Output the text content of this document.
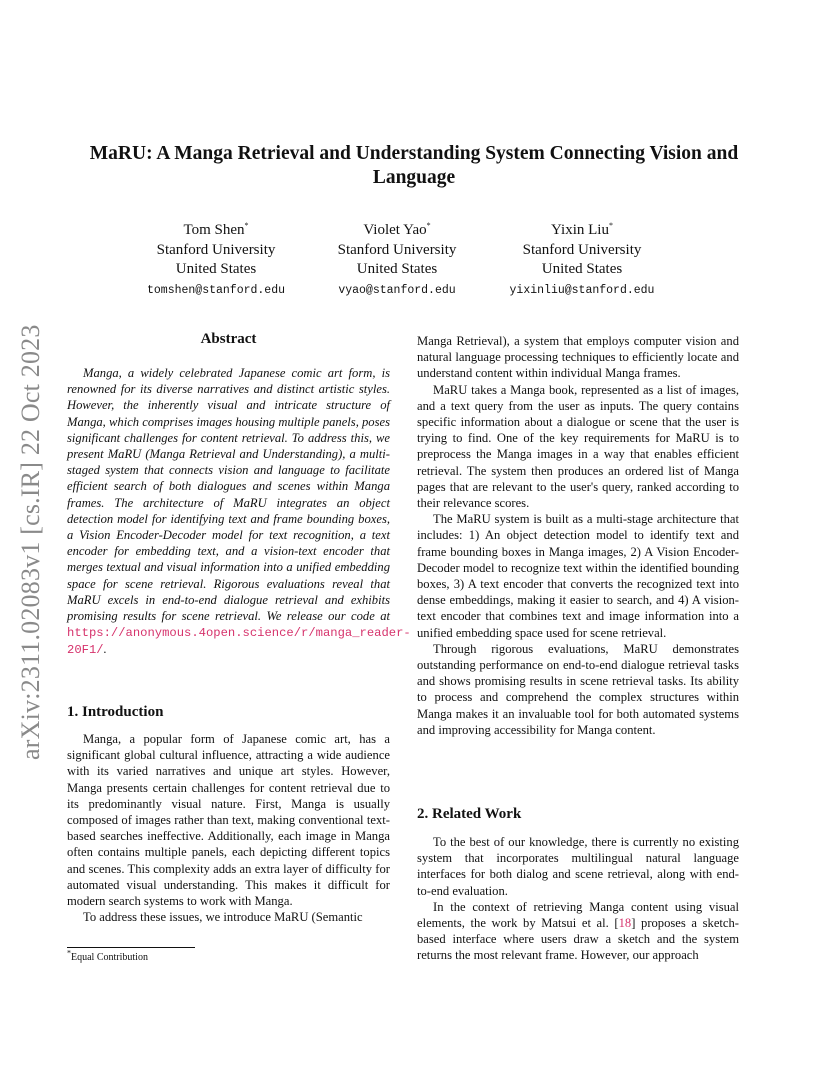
MaRU: A Manga Retrieval and Understanding System Connecting Vision and
Language
Tom Shen*
Stanford University
United States
tomshen@stanford.edu
Violet Yao*
Stanford University
United States
vyao@stanford.edu
Yixin Liu*
Stanford University
United States
yixinliu@stanford.edu
arXiv:2311.02083v1 [cs.IR] 22 Oct 2023	Abstract

Manga, a widely celebrated Japanese comic art form, is renowned for its diverse narratives and distinct artistic styles. However, the inherently visual and intricate structure of Manga, which comprises images housing multiple panels, poses significant challenges for content retrieval. To address this, we present MaRU (Manga Retrieval and Understanding), a multi-staged system that connects vision and language to facilitate efficient search of both dialogues and scenes within Manga frames. The architecture of MaRU integrates an object detection model for identifying text and frame bounding boxes, a Vision Encoder-Decoder model for text recognition, a text encoder for embedding text, and a vision-text encoder that merges textual and visual information into a unified embedding space for scene retrieval. Rigorous evaluations reveal that MaRU excels in end-to-end dialogue retrieval and exhibits promising results for scene retrieval. We release our code at https://anonymous.4open.science/r/manga_reader-20F1/.

1. Introduction

Manga, a popular form of Japanese comic art, has a significant global cultural influence, attracting a wide audience with its varied narratives and unique art styles. However, Manga presents certain challenges for content retrieval due to its predominantly visual nature. First, Manga is usually composed of images rather than text, making conventional text-based searches ineffective. Additionally, each image in Manga often contains multiple panels, each depicting different topics and scenes. This complexity adds an extra layer of difficulty for automated visual understanding. This makes it difficult for modern search systems to work with Manga.

To address these issues, we introduce MaRU (Semantic

*Equal Contribution

Manga Retrieval), a system that employs computer vision and natural language processing techniques to efficiently locate and understand content within individual Manga frames.

MaRU takes a Manga book, represented as a list of images, and a text query from the user as inputs. The query contains specific information about a dialogue or scene that the user is trying to find. One of the key requirements for MaRU is to preprocess the Manga images in a way that enables efficient retrieval. The system then produces an ordered list of Manga pages that are relevant to the user's query, ranked according to their relevance scores.

The MaRU system is built as a multi-stage architecture that includes: 1) An object detection model to identify text and frame bounding boxes in Manga images, 2) A Vision Encoder-Decoder model to recognize text within the identified bounding boxes, 3) A text encoder that converts the recognized text into dense embeddings, making it easier to search, and 4) A vision-text encoder that combines text and image information into a unified embedding space used for scene retrieval.

Through rigorous evaluations, MaRU demonstrates outstanding performance on end-to-end dialogue retrieval tasks and shows promising results in scene retrieval tasks. Its ability to process and comprehend the complex structures within Manga makes it an invaluable tool for both automated systems and improving accessibility for Manga content.

2. Related Work

To the best of our knowledge, there is currently no existing system that incorporates multilingual natural language interfaces for both dialog and scene retrieval, along with end-to-end evaluation.

In the context of retrieving Manga content using visual elements, the work by Matsui et al. [18] proposes a sketch-based interface where users draw a sketch and the system returns the most relevant frame. However, our approach
